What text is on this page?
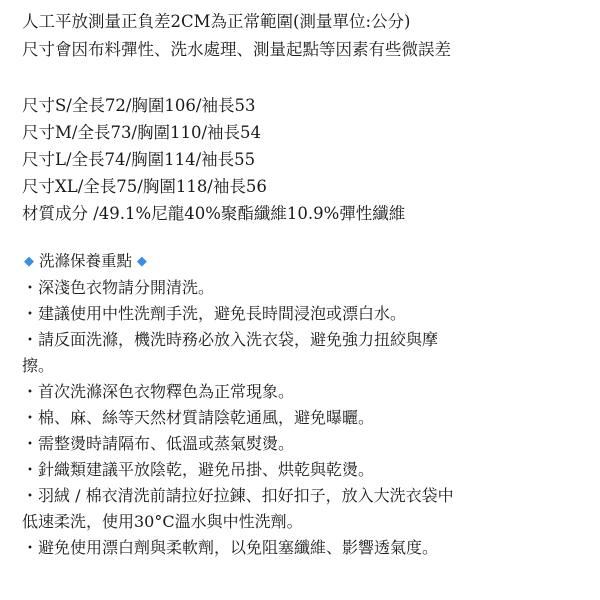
人工平放測量正負差2CM為正常範圍(測量單位:公分)
尺寸會因布料彈性、洗水處理、測量起點等因素有些微誤差
尺寸S/全長72/胸圍106/袖長53
尺寸M/全長73/胸圍110/袖長54
尺寸L/全長74/胸圍114/袖長55
尺寸XL/全長75/胸圍118/袖長56
材質成分 /49.1%尼龍40%聚酯纖維10.9%彈性纖維
◆ 洗滌保養重點 ◆
・深淺色衣物請分開清洗。
・建議使用中性洗劑手洗，避免長時間浸泡或漂白水。
・請反面洗滌，機洗時務必放入洗衣袋，避免強力扭絞與摩
擦。
・首次洗滌深色衣物釋色為正常現象。
・棉、麻、絲等天然材質請陰乾通風，避免曝曬。
・需整燙時請隔布、低溫或蒸氣熨燙。
・針織類建議平放陰乾，避免吊掛、烘乾與乾燙。
・羽絨 / 棉衣清洗前請拉好拉鍊、扣好扣子，放入大洗衣袋中
低速柔洗，使用30°C溫水與中性洗劑。
・避免使用漂白劑與柔軟劑，以免阻塞纖維、影響透氣度。
